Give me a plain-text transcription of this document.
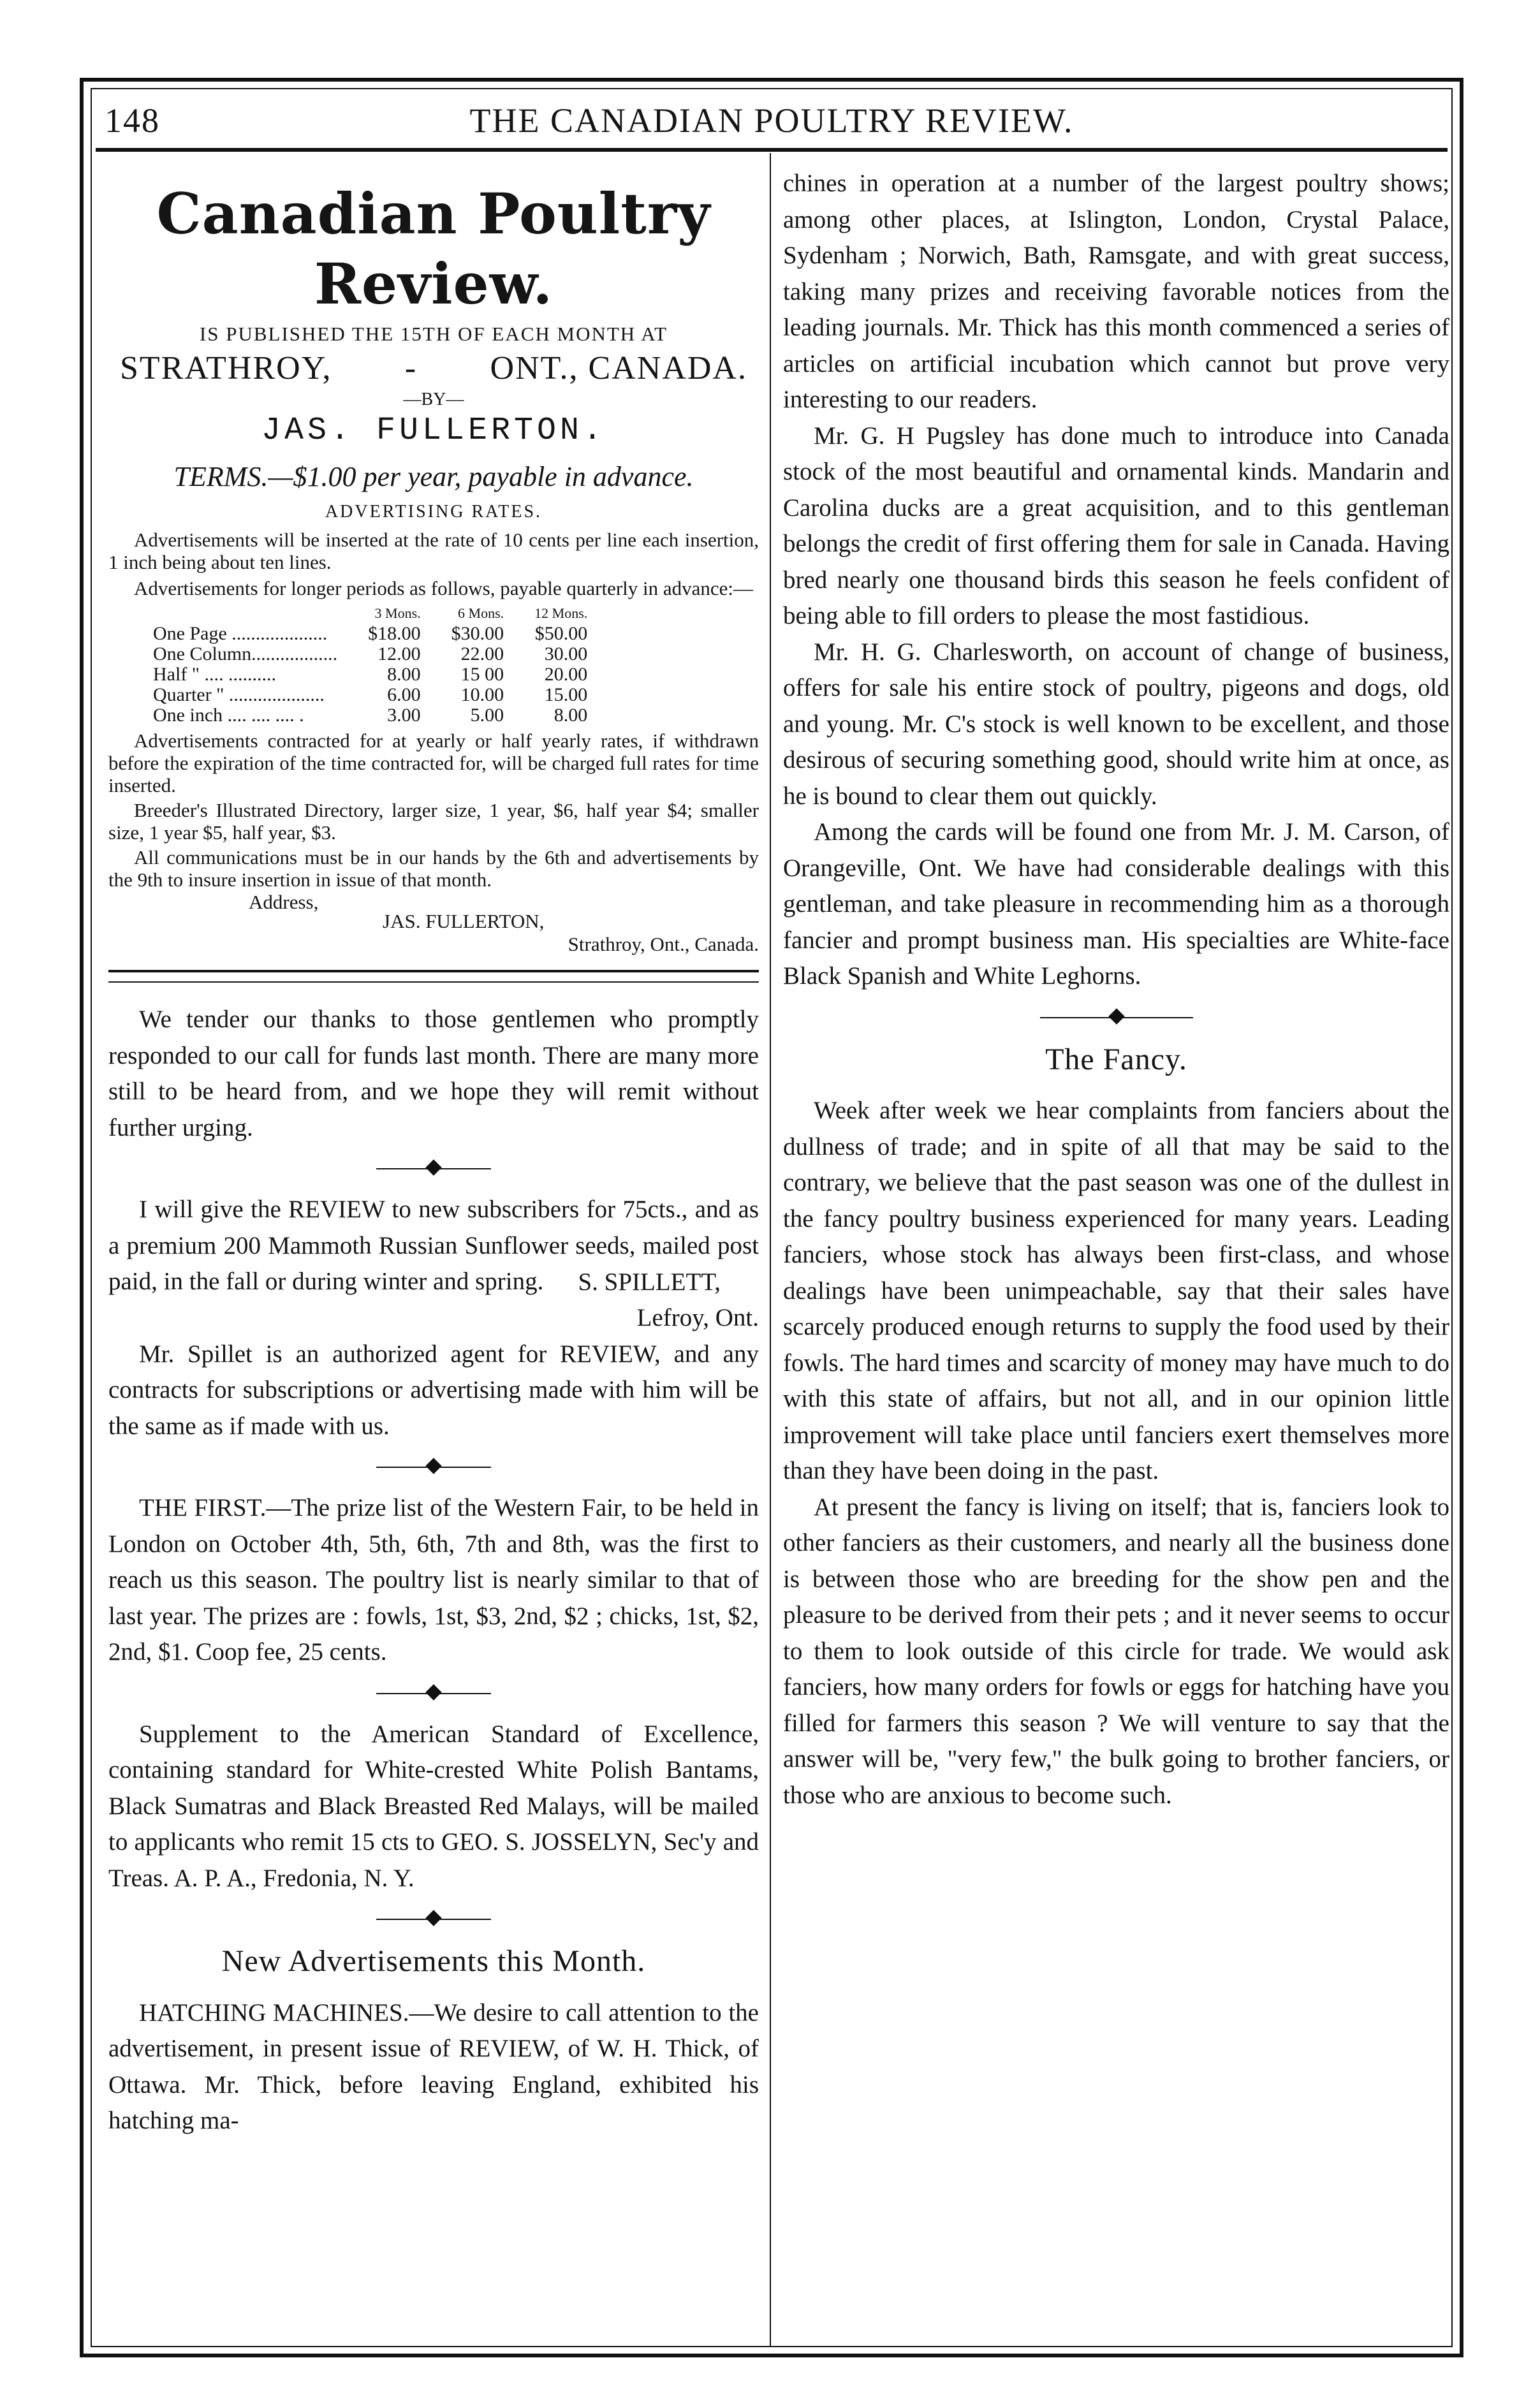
148	THE CANADIAN POULTRY REVIEW.
Canadian Poultry Review.
IS PUBLISHED THE 15TH OF EACH MONTH AT
STRATHROY, - ONT., CANADA.
—BY—
JAS. FULLERTON.
TERMS.—$1.00 per year, payable in advance.
ADVERTISING RATES.

Advertisements will be inserted at the rate of 10 cents per line each insertion, 1 inch being about ten lines.

Advertisements for longer periods as follows, payable quarterly in advance:—

	3 Mons.	6 Mons.	12 Mons.
One Page ....................	$18.00	$30.00	$50.00
One Column..................	12.00	22.00	30.00
Half " .... ..........	8.00	15 00	20.00
Quarter " ....................	6.00	10.00	15.00
One inch .... .... .... .	3.00	5.00	8.00

Advertisements contracted for at yearly or half yearly rates, if withdrawn before the expiration of the time contracted for, will be charged full rates for time inserted.

Breeder's Illustrated Directory, larger size, 1 year, $6, half year $4; smaller size, 1 year $5, half year, $3.

All communications must be in our hands by the 6th and advertisements by the 9th to insure insertion in issue of that month.

Address,

JAS. FULLERTON,

Strathroy, Ont., Canada.

We tender our thanks to those gentlemen who promptly responded to our call for funds last month. There are many more still to be heard from, and we hope they will remit without further urging.

I will give the REVIEW to new subscribers for 75cts., and as a premium 200 Mammoth Russian Sunflower seeds, mailed post paid, in the fall or during winter and spring.	S. SPILLETT,

Lefroy, Ont.

Mr. Spillet is an authorized agent for REVIEW, and any contracts for subscriptions or advertising made with him will be the same as if made with us.

THE FIRST.—The prize list of the Western Fair, to be held in London on October 4th, 5th, 6th, 7th and 8th, was the first to reach us this season. The poultry list is nearly similar to that of last year. The prizes are : fowls, 1st, $3, 2nd, $2 ; chicks, 1st, $2, 2nd, $1. Coop fee, 25 cents.

Supplement to the American Standard of Excellence, containing standard for White-crested White Polish Bantams, Black Sumatras and Black Breasted Red Malays, will be mailed to applicants who remit 15 cts to GEO. S. JOSSELYN, Sec'y and Treas. A. P. A., Fredonia, N. Y.

New Advertisements this Month.

HATCHING MACHINES.—We desire to call attention to the advertisement, in present issue of REVIEW, of W. H. Thick, of Ottawa. Mr. Thick, before leaving England, exhibited his hatching ma-

chines in operation at a number of the largest poultry shows; among other places, at Islington, London, Crystal Palace, Sydenham ; Norwich, Bath, Ramsgate, and with great success, taking many prizes and receiving favorable notices from the leading journals. Mr. Thick has this month commenced a series of articles on artificial incubation which cannot but prove very interesting to our readers.

Mr. G. H Pugsley has done much to introduce into Canada stock of the most beautiful and ornamental kinds. Mandarin and Carolina ducks are a great acquisition, and to this gentleman belongs the credit of first offering them for sale in Canada. Having bred nearly one thousand birds this season he feels confident of being able to fill orders to please the most fastidious.

Mr. H. G. Charlesworth, on account of change of business, offers for sale his entire stock of poultry, pigeons and dogs, old and young. Mr. C's stock is well known to be excellent, and those desirous of securing something good, should write him at once, as he is bound to clear them out quickly.

Among the cards will be found one from Mr. J. M. Carson, of Orangeville, Ont. We have had considerable dealings with this gentleman, and take pleasure in recommending him as a thorough fancier and prompt business man. His specialties are White-face Black Spanish and White Leghorns.

The Fancy.

Week after week we hear complaints from fanciers about the dullness of trade; and in spite of all that may be said to the contrary, we believe that the past season was one of the dullest in the fancy poultry business experienced for many years. Leading fanciers, whose stock has always been first-class, and whose dealings have been unimpeachable, say that their sales have scarcely produced enough returns to supply the food used by their fowls. The hard times and scarcity of money may have much to do with this state of affairs, but not all, and in our opinion little improvement will take place until fanciers exert themselves more than they have been doing in the past.

At present the fancy is living on itself; that is, fanciers look to other fanciers as their customers, and nearly all the business done is between those who are breeding for the show pen and the pleasure to be derived from their pets ; and it never seems to occur to them to look outside of this circle for trade. We would ask fanciers, how many orders for fowls or eggs for hatching have you filled for farmers this season ? We will venture to say that the answer will be, "very few," the bulk going to brother fanciers, or those who are anxious to become such.
